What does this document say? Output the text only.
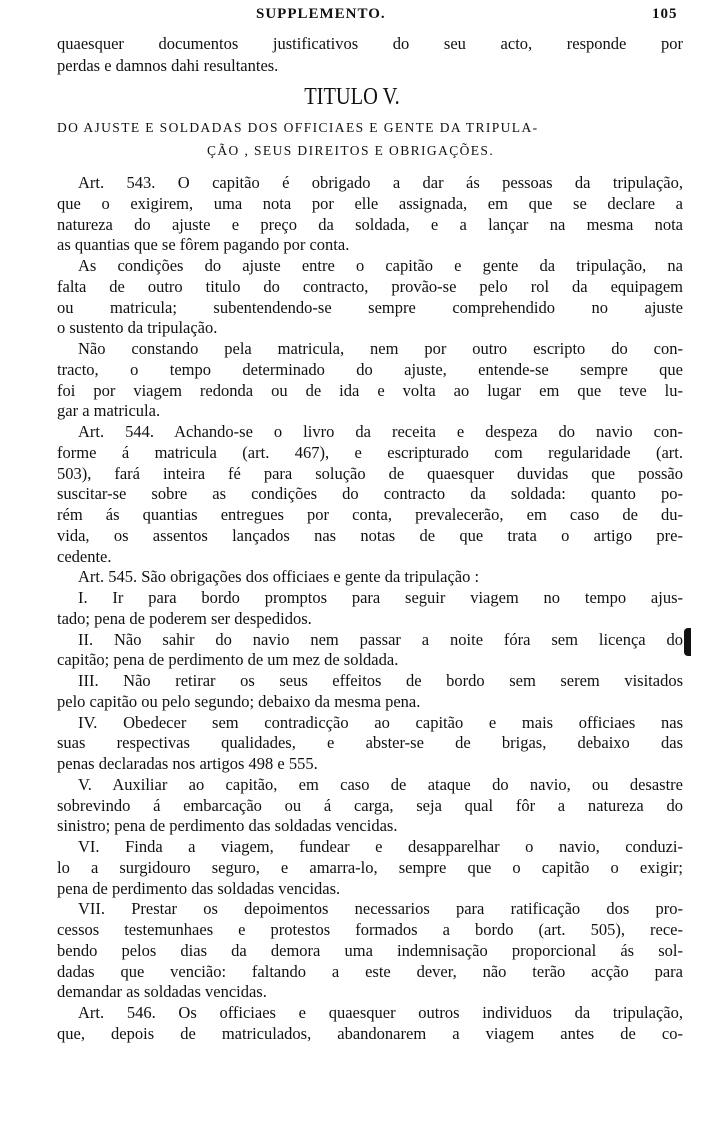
SUPPLEMENTO.	105
quaesquer documentos justificativos do seu acto, responde por
perdas e damnos dahi resultantes.
TITULO V.
DO AJUSTE E SOLDADAS DOS OFFICIAES E GENTE DA TRIPULA-
ÇÃO , SEUS DIREITOS E OBRIGAÇÕES.
Art. 543. O capitão é obrigado a dar ás pessoas da tripulação,
que o exigirem, uma nota por elle assignada, em que se declare a
natureza do ajuste e preço da soldada, e a lançar na mesma nota
as quantias que se fôrem pagando por conta.
As condições do ajuste entre o capitão e gente da tripulação, na
falta de outro titulo do contracto, provão-se pelo rol da equipagem
ou matricula; subentendendo-se sempre comprehendido no ajuste
o sustento da tripulação.
Não constando pela matricula, nem por outro escripto do con-
tracto, o tempo determinado do ajuste, entende-se sempre que
foi por viagem redonda ou de ida e volta ao lugar em que teve lu-
gar a matricula.
Art. 544. Achando-se o livro da receita e despeza do navio con-
forme á matricula (art. 467), e escripturado com regularidade (art.
503), fará inteira fé para solução de quaesquer duvidas que possão
suscitar-se sobre as condições do contracto da soldada: quanto po-
rém ás quantias entregues por conta, prevalecerão, em caso de du-
vida, os assentos lançados nas notas de que trata o artigo pre-
cedente.
Art. 545. São obrigações dos officiaes e gente da tripulação :
I. Ir para bordo promptos para seguir viagem no tempo ajus-
tado; pena de poderem ser despedidos.
II. Não sahir do navio nem passar a noite fóra sem licença do
capitão; pena de perdimento de um mez de soldada.
III. Não retirar os seus effeitos de bordo sem serem visitados
pelo capitão ou pelo segundo; debaixo da mesma pena.
IV. Obedecer sem contradicção ao capitão e mais officiaes nas
suas respectivas qualidades, e abster-se de brigas, debaixo das
penas declaradas nos artigos 498 e 555.
V. Auxiliar ao capitão, em caso de ataque do navio, ou desastre
sobrevindo á embarcação ou á carga, seja qual fôr a natureza do
sinistro; pena de perdimento das soldadas vencidas.
VI. Finda a viagem, fundear e desapparelhar o navio, conduzi-
lo a surgidouro seguro, e amarra-lo, sempre que o capitão o exigir;
pena de perdimento das soldadas vencidas.
VII. Prestar os depoimentos necessarios para ratificação dos pro-
cessos testemunhaes e protestos formados a bordo (art. 505), rece-
bendo pelos dias da demora uma indemnisação proporcional ás sol-
dadas que vencião: faltando a este dever, não terão acção para
demandar as soldadas vencidas.
Art. 546. Os officiaes e quaesquer outros individuos da tripulação,
que, depois de matriculados, abandonarem a viagem antes de co-
